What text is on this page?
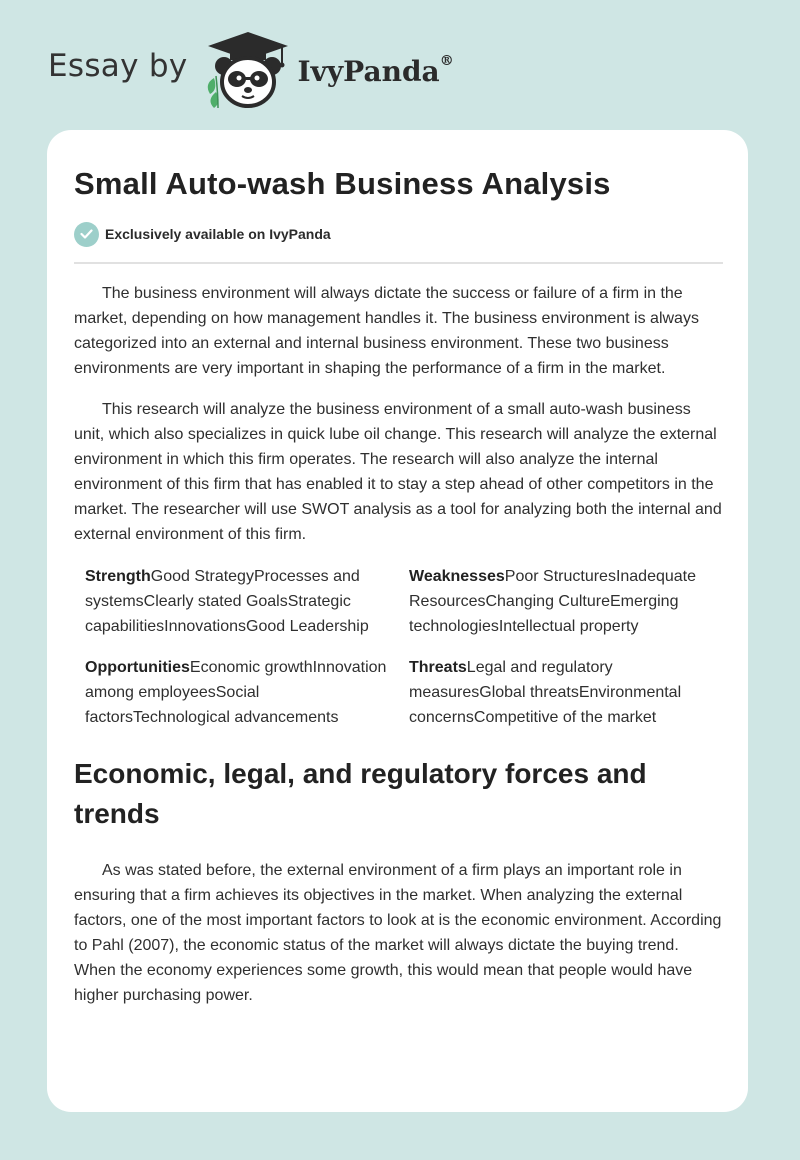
Essay by	IvyPanda®
Small Auto-wash Business Analysis
Exclusively available on IvyPanda

The business environment will always dictate the success or failure of a firm in the market, depending on how management handles it. The business environment is always categorized into an external and internal business environment. These two business environments are very important in shaping the performance of a firm in the market.

This research will analyze the business environment of a small auto-wash business unit, which also specializes in quick lube oil change. This research will analyze the external environment in which this firm operates. The research will also analyze the internal environment of this firm that has enabled it to stay a step ahead of other competitors in the market. The researcher will use SWOT analysis as a tool for analyzing both the internal and external environment of this firm.

StrengthGood StrategyProcesses and systemsClearly stated GoalsStrategic capabilitiesInnovationsGood Leadership
WeaknessesPoor StructuresInadequate ResourcesChanging CultureEmerging technologiesIntellectual property
OpportunitiesEconomic growthInnovation among employeesSocial factorsTechnological advancements
ThreatsLegal and regulatory measuresGlobal threatsEnvironmental concernsCompetitive of the market
Economic, legal, and regulatory forces and trends

As was stated before, the external environment of a firm plays an important role in ensuring that a firm achieves its objectives in the market. When analyzing the external factors, one of the most important factors to look at is the economic environment. According to Pahl (2007), the economic status of the market will always dictate the buying trend. When the economy experiences some growth, this would mean that people would have higher purchasing power.
